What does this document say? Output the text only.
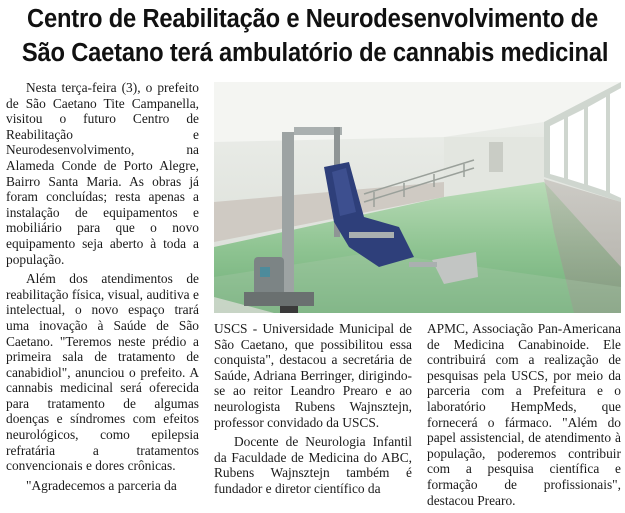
Centro de Reabilitação e Neurodesenvolvimento de
São Caetano terá ambulatório de cannabis medicinal

Nesta terça-feira (3), o prefeito de São Caetano Tite Campanella, visitou o futuro Centro de Reabilitação e Neurodesenvolvimento, na Alameda Conde de Porto Alegre, Bairro Santa Maria. As obras já foram concluídas; resta apenas a instalação de equipamentos e mobiliário para que o novo equipamento seja aberto à toda a população.

Além dos atendimentos de reabilitação física, visual, auditiva e intelectual, o novo espaço trará uma inovação à Saúde de São Caetano. "Teremos neste prédio a primeira sala de tratamento de canabidiol", anunciou o prefeito. A cannabis medicinal será oferecida para tratamento de algumas doenças e síndromes com efeitos neurológicos, como epilepsia refratária a tratamentos convencionais e dores crônicas.

"Agradecemos a parceria da

USCS - Universidade Municipal de São Caetano, que possibilitou essa conquista", destacou a secretária de Saúde, Adriana Berringer, dirigindo-se ao reitor Leandro Prearo e ao neurologista Rubens Wajnsztejn, professor convidado da USCS.

Docente de Neurologia Infantil da Faculdade de Medicina do ABC, Rubens Wajnsztejn também é fundador e diretor científico da

APMC, Associação Pan-Americana de Medicina Canabinoide. Ele contribuirá com a realização de pesquisas pela USCS, por meio da parceria com a Prefeitura e o laboratório HempMeds, que fornecerá o fármaco. "Além do papel assistencial, de atendimento à população, poderemos contribuir com a pesquisa científica e formação de profissionais", destacou Prearo.
